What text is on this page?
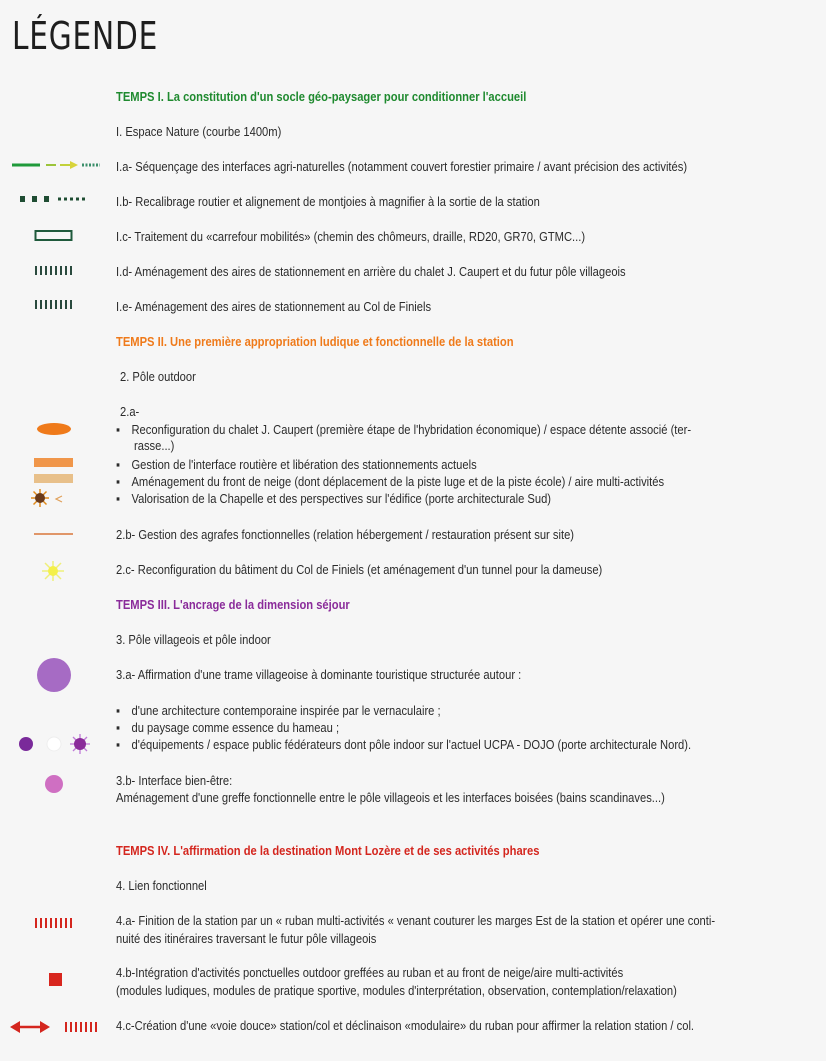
LÉGENDE
TEMPS I. La constitution d'un socle géo-paysager pour conditionner l'accueil
I. Espace Nature (courbe 1400m)
I.a- Séquençage des interfaces agri-naturelles (notamment couvert forestier primaire / avant précision des activités)
I.b- Recalibrage routier et alignement de montjoies à magnifier à la sortie de la station
I.c- Traitement du «carrefour mobilités» (chemin des chômeurs, draille, RD20, GR70, GTMC...)
I.d- Aménagement des aires de stationnement en arrière du chalet J. Caupert et du futur pôle villageois
I.e- Aménagement des aires de stationnement au Col de Finiels
TEMPS II. Une première appropriation ludique et fonctionnelle de la station
2. Pôle outdoor
2.a-
▪ Reconfiguration du chalet J. Caupert (première étape de l'hybridation économique) / espace détente associé (ter-
rasse...)
▪ Gestion de l'interface routière et libération des stationnements actuels
▪ Aménagement du front de neige (dont déplacement de la piste luge et de la piste école) / aire multi-activités
▪ Valorisation de la Chapelle et des perspectives sur l'édifice (porte architecturale Sud)
2.b- Gestion des agrafes fonctionnelles (relation hébergement / restauration présent sur site)
2.c- Reconfiguration du bâtiment du Col de Finiels (et aménagement d'un tunnel pour la dameuse)
TEMPS III. L'ancrage de la dimension séjour
3. Pôle villageois et pôle indoor
3.a- Affirmation d'une trame villageoise à dominante touristique structurée autour :
▪ d'une architecture contemporaine inspirée par le vernaculaire ;
▪ du paysage comme essence du hameau ;
▪ d'équipements / espace public fédérateurs dont pôle indoor sur l'actuel UCPA - DOJO (porte architecturale Nord).
3.b- Interface bien-être:
Aménagement d'une greffe fonctionnelle entre le pôle villageois et les interfaces boisées (bains scandinaves...)
TEMPS IV. L'affirmation de la destination Mont Lozère et de ses activités phares
4. Lien fonctionnel
4.a- Finition de la station par un « ruban multi-activités « venant couturer les marges Est de la station et opérer une conti-
nuité des itinéraires traversant le futur pôle villageois
4.b-Intégration d'activités ponctuelles outdoor greffées au ruban et au front de neige/aire multi-activités
(modules ludiques, modules de pratique sportive, modules d'interprétation, observation, contemplation/relaxation)
4.c-Création d'une «voie douce» station/col et déclinaison «modulaire» du ruban pour affirmer la relation station / col.
